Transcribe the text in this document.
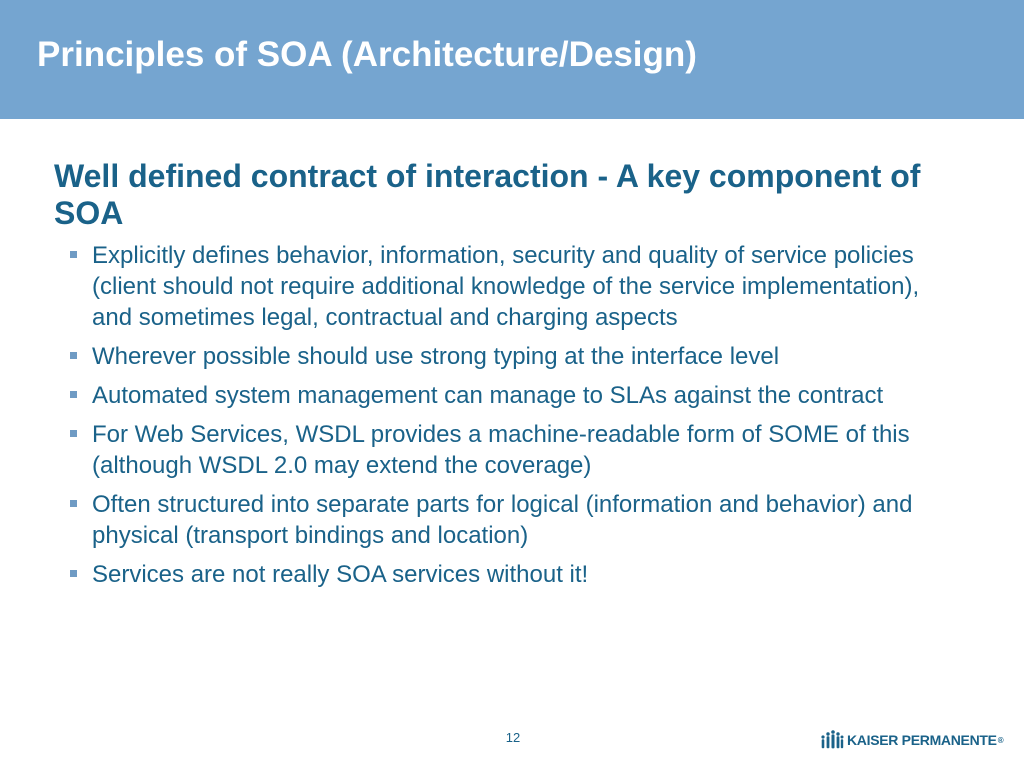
Principles of SOA (Architecture/Design)
Well defined contract of interaction - A key component of SOA
Explicitly defines behavior, information, security and quality of service policies (client should not require additional knowledge of the service implementation), and sometimes legal, contractual and charging aspects
Wherever possible should use strong typing at the interface level
Automated system management can manage to SLAs against the contract
For Web Services, WSDL provides a machine-readable form of SOME of this (although WSDL 2.0 may extend the coverage)
Often structured into separate parts for logical (information and behavior) and physical (transport bindings and location)
Services are not really SOA services without it!
12	KAISER PERMANENTE ®
